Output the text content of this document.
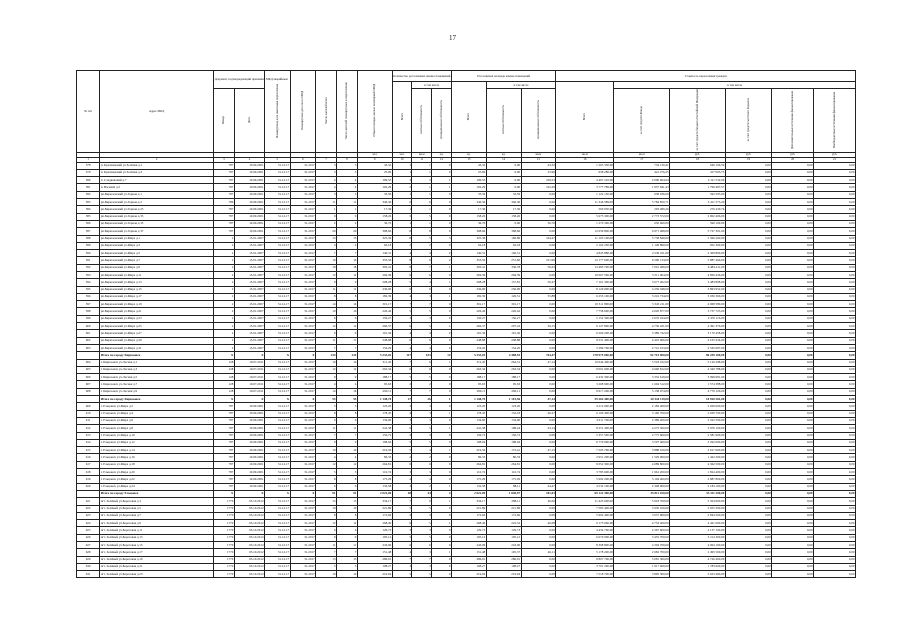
17
№ п/п	Адрес МКД	Документ, подтверждающий признание МКД аварийным		Планируемая дата окончания переселения	Планируемая дата сноса МКД	Число жителей всего	Число жителей планируемых к переселению	Общая площадь жилых помещений МКД	Количество расселяемых жилых помещений			Расселяемая площадь жилых помещений			Стоимость переселения граждан					
									Всего	в том числе		Всего	в том числе		Всего	в том числе				
		Номер	Дата							частная собственность	муниципальная собственность		частная собственность	муниципальная собственность		за счет средств Фонда	за счет средств бюджета Российской Федерации	за счет средств местного бюджета	Дополнительные источники финансирования	Внебюджетные источники финансирования
								чел.	чел.	кв.м	ед.	ед.	ед.	кв.м	кв.м	кв.м	руб.	руб.	руб.	руб.
1	2	3	4	5	6	7	8	9	10	11	12	13	14	15	16	17	18	19	20	21
578	п. Краснинский ул.Зелёная д.1	787	10.09.2001	31.12.17	31.2017	3	3	43,32	1	1	0	43,32	0,00	43,32	1 563 350,00	734 130,41	649 196,59	0,00	0,00	0,00
579	п. Краснинский ул.Зелёная д.3	787	10.09.2001	31.12.17	31.2017	3	3	25,96	1	1	0	25,96	0,00	25,96	958 280,00	441 276,25	417 003,75	0,00	0,00	0,00
580	п. Сладковский д.7	787	10.09.2001	31.12.17	31.2017	4	4	109,53	3	2	1	109,53	0,00	109,53	4 407 210,00	2 000 664,94	2 111 532,06	0,00	0,00	0,00
581	п. Василёв д.2	787	10.09.2001	31.12.17	31.2017	4	4	102,29	2	1	1	102,29	0,00	102,29	3 777 789,00	1 957 941,43	1 799 487,57	0,00	0,00	0,00
582	рп.Бирюзовский ул.Горная д.1	787	10.09.2001	31.12.17	31.2017	3	3	33,59	1	1	0	33,59	33,59	0,00	1 122 150,00	658 036,00	562 593,00	0,00	0,00	0,00
583	рп.Бирюзовский ул.Горная д.2	786	10.09.2001	31.12.17	31.2017	11	11	346,36	6	6	0	346,36	346,36	0,00	11 346 589,00	5 784 850,71	5 411 573,29	0,00	0,00	0,00
584	рп.Бирюзовский ул.Горная д.23	787	10.09.2001	31.12.17	31.2017	1	1	17,36	1	1	0	17,36	17,36	0,00	560 030,00	293 489,26	276 430,74	0,00	0,00	0,00
585	рп.Бирюзовский ул.Горная д.33	787	10.09.2001	31.12.17	31.2017	9	9	158,26	5	5	0	158,26	158,26	0,00	5 675 300,00	2 773 572,00	2 902 406,00	0,00	0,00	0,00
586	рп.Бирюзовский ул.Горная д.35	787	10.09.2001	31.12.17	31.2017	2	2	36,76	1	1	0	36,76	0,00	36,76	1 270 300,00	650 660,00	599 109,90	0,00	0,00	0,00
587	рп.Бирюзовский ул.Горная д.37	787	10.09.2001	31.12.17	31.2017	29	29	398,66	8	8	0	398,66	398,66	0,00	12 659 800,00	6 971 498,00	5 727 301,00	0,00	0,00	0,00
588	рп.Бирюзовский ул.Мира д.1	2	15.01.2007	31.12.17	31.2017	15	15	325,36	8	5	3	325,36	160,89	164,47	11 105 100,00	5 738 840,00	5 366 260,00	0,00	0,00	0,00
589	рп.Бирюзовский ул.Мира д.3	2	15.01.2007	31.12.17	31.2017	4	4	62,18	2	2	0	62,18	62,18	0,00	2 102 250,00	1 149 890,00	952 360,00	0,00	0,00	0,00
590	рп.Бирюзовский ул.Мира д.5	2	15.01.2007	31.12.17	31.2017	7	7	140,31	4	4	0	140,31	140,31	0,00	4 845 880,00	2 536 011,00	2 309 869,00	0,00	0,00	0,00
591	рп.Бирюзовский ул.Мира д.7	2	15.01.2007	31.12.17	31.2017	16	16	353,56	8	6	2	353,56	251,60	101,96	12 177 600,00	6 290 134,00	5 887 466,00	0,00	0,00	0,00
592	рп.Бирюзовский ул.Мира д.9	2	15.01.2007	31.12.17	31.2017	18	18	393,41	8	7	1	393,41	336,78	56,63	13 485 700,00	7 001 289,00	6 484 411,00	0,00	0,00	0,00
593	рп.Бирюзовский ул.Мира д.11	2	15.01.2007	31.12.17	31.2017	12	12	294,39	6	6	0	294,39	294,39	0,00	10 067 500,00	5 211 064,00	4 856 436,00	0,00	0,00	0,00
594	рп.Бирюзовский ул.Мира д.13	2	15.01.2007	31.12.17	31.2017	9	9	208,28	5	4	1	208,28	157,81	50,47	7 161 300,00	3 677 402,00	3 483 898,00	0,00	0,00	0,00
595	рп.Бирюзовский ул.Мира д.15	2	15.01.2007	31.12.17	31.2017	11	11	236,90	6	6	0	236,90	236,90	0,00	8 120 000,00	4 256 048,00	3 863 952,00	0,00	0,00	0,00
596	рп.Бирюзовский ул.Мира д.17	2	15.01.2007	31.12.17	31.2017	8	8	182,39	4	3	1	182,39	126,51	55,88	6 253 100,00	3 216 734,00	3 036 366,00	0,00	0,00	0,00
597	рп.Бирюзовский ул.Мира д.19	2	15.01.2007	31.12.17	31.2017	14	14	301,17	7	7	0	301,17	301,17	0,00	10 311 800,00	5 343 211,00	4 968 589,00	0,00	0,00	0,00
598	рп.Бирюзовский ул.Мира д.21	2	15.01.2007	31.12.17	31.2017	10	10	226,42	5	5	0	226,42	226,42	0,00	7 758 600,00	4 020 877,00	3 737 723,00	0,00	0,00	0,00
599	рп.Бирюзовский ул.Мира д.23	2	15.01.2007	31.12.17	31.2017	6	6	150,27	3	3	0	150,27	150,27	0,00	5 152 300,00	2 676 184,00	2 476 116,00	0,00	0,00	0,00
600	рп.Бирюзовский ул.Мира д.25	2	15.01.2007	31.12.17	31.2017	12	12	266,37	6	5	1	266,37	207,22	59,15	9 127 800,00	4 736 421,00	4 391 379,00	0,00	0,00	0,00
601	рп.Бирюзовский ул.Мира д.27	2	15.01.2007	31.12.17	31.2017	9	9	191,36	4	4	0	191,36	191,36	0,00	6 560 200,00	3 389 742,00	3 170 458,00	0,00	0,00	0,00
602	рп.Бирюзовский ул.Мира д.29	2	15.01.2007	31.12.17	31.2017	11	11	248,88	6	6	0	248,88	248,88	0,00	8 531 400,00	4 425 966,00	4 105 434,00	0,00	0,00	0,00
603	рп.Бирюзовский ул.Мира д.31	2	15.01.2007	31.12.17	31.2017	7	7	154,20	4	4	0	154,20	154,20	0,00	5 286 700,00	2 741 013,00	2 545 687,00	0,00	0,00	0,00
	Итого по городу Бирюзовск	X	X	X	X	234	234	5 233,02	117	103	14	5 233,02	4 488,55	744,47	178 975 000,00	92 715 900,00	86 259 100,00	0,00	0,00	0,00
604	г. Бирюзовск ул.Лесная д.1	128	19.07.2011	31.12.17	31.2017	16	16	311,45	7	6	1	311,45	264,31	47,14	10 644 400,00	5 518 102,00	5 126 298,00	0,00	0,00	0,00
605	г. Бирюзовск ул.Лесная д.3	128	19.07.2011	31.12.17	31.2017	12	12	263,34	6	6	0	263,34	263,34	0,00	9 001 600,00	4 660 812,00	4 340 788,00	0,00	0,00	0,00
606	г. Бирюзовск ул.Лесная д.5	128	19.07.2011	31.12.17	31.2017	9	9	188,17	5	5	0	188,17	188,17	0,00	6 432 300,00	3 332 619,00	3 099 681,00	0,00	0,00	0,00
607	г. Бирюзовск ул.Лесная д.7	128	19.07.2011	31.12.17	31.2017	4	4	95,63	2	2	0	95,63	95,63	0,00	3 268 900,00	1 694 512,00	1 574 388,00	0,00	0,00	0,00
608	г. Бирюзовск ул.Лесная д.9	128	19.07.2011	31.12.17	31.2017	14	14	290,11	7	7	0	290,11	290,11	0,00	9 917 200,00	5 138 074,00	4 779 126,00	0,00	0,00	0,00
	Итого по городу Бирюзовск	X	X	X	X	55	55	1 148,70	27	26	1	1 148,70	1 101,56	47,14	39 264 400,00	20 344 119,00	18 920 281,00	0,00	0,00	0,00
609	г. Ельцовск ул.Мира д.2	787	10.09.2001	31.12.17	31.2017	5	5	123,20	3	3	0	123,20	123,20	0,00	4 212 000,00	2 182 400,00	2 029 600,00	0,00	0,00	0,00
610	г. Ельцовск ул.Мира д.4	787	10.09.2001	31.12.17	31.2017	8	8	178,45	4	3	1	178,45	132,18	46,27	6 100 400,00	3 160 700,00	2 939 700,00	0,00	0,00	0,00
611	г. Ельцовск ул.Мира д.6	787	10.09.2001	31.12.17	31.2017	6	6	134,90	3	3	0	134,90	134,90	0,00	4 611 700,00	2 389 200,00	2 222 500,00	0,00	0,00	0,00
612	г. Ельцовск ул.Мира д.8	787	10.09.2001	31.12.17	31.2017	11	11	241,38	6	5	1	241,38	198,24	43,14	8 251 400,00	4 275 300,00	3 976 100,00	0,00	0,00	0,00
613	г. Ельцовск ул.Мира д.10	787	10.09.2001	31.12.17	31.2017	7	7	156,72	4	4	0	156,72	156,72	0,00	5 357 500,00	2 775 600,00	2 581 900,00	0,00	0,00	0,00
614	г. Ельцовск ул.Мира д.12	787	10.09.2001	31.12.17	31.2017	9	9	198,04	5	5	0	198,04	198,04	0,00	6 770 000,00	3 507 400,00	3 262 600,00	0,00	0,00	0,00
615	г. Ельцовск ул.Мира д.14	787	10.09.2001	31.12.17	31.2017	10	10	219,56	5	4	1	219,56	172,41	47,15	7 505 700,00	3 888 100,00	3 617 600,00	0,00	0,00	0,00
616	г. Ельцовск ул.Мира д.16	787	10.09.2001	31.12.17	31.2017	4	4	86,33	2	2	0	86,33	86,33	0,00	2 951 200,00	1 529 000,00	1 422 200,00	0,00	0,00	0,00
617	г. Ельцовск ул.Мира д.18	787	10.09.2001	31.12.17	31.2017	12	12	264,81	6	6	0	264,81	264,81	0,00	9 052 300,00	4 689 800,00	4 362 500,00	0,00	0,00	0,00
618	г. Ельцовск ул.Мира д.20	787	10.09.2001	31.12.17	31.2017	5	5	110,74	3	3	0	110,74	110,74	0,00	3 785 600,00	1 961 200,00	1 824 400,00	0,00	0,00	0,00
619	г. Ельцовск ул.Мира д.22	787	10.09.2001	31.12.17	31.2017	8	8	175,29	4	4	0	175,29	175,29	0,00	5 992 200,00	3 104 400,00	2 887 800,00	0,00	0,00	0,00
620	г. Ельцовск ул.Мира д.24	787	10.09.2001	31.12.17	31.2017	6	6	132,58	3	2	1	132,58	88,11	44,47	4 532 100,00	2 348 000,00	2 184 100,00	0,00	0,00	0,00
	Итого по городу Ельцовск	X	X	X	X	91	91	2 022,00	48	44	4	2 022,00	1 840,97	181,03	69 122 300,00	35 811 100,00	33 311 200,00	0,00	0,00	0,00
621	пгт. Зелёный ул.Береговая д.3	1770	03.10.2012	31.12.17	31.2017	15	15	334,17	7	6	1	334,17	288,11	46,06	11 423 600,00	5 918 700,00	5 504 900,00	0,00	0,00	0,00
622	пгт. Зелёный ул.Береговая д.5	1770	03.10.2012	31.12.17	31.2017	10	10	221,89	5	5	0	221,89	221,89	0,00	7 585 400,00	3 930 100,00	3 655 300,00	0,00	0,00	0,00
623	пгт. Зелёный ул.Береговая д.7	1770	03.10.2012	31.12.17	31.2017	8	8	172,66	4	4	0	172,66	172,66	0,00	5 902 400,00	3 057 900,00	2 844 500,00	0,00	0,00	0,00
624	пгт. Зелёный ул.Береговая д.9	1770	03.10.2012	31.12.17	31.2017	12	12	268,40	6	5	1	268,40	222,32	46,08	9 175 000,00	4 753 400,00	4 421 600,00	0,00	0,00	0,00
625	пгт. Зелёный ул.Береговая д.11	1770	03.10.2012	31.12.17	31.2017	6	6	129,73	3	3	0	129,73	129,73	0,00	4 434 700,00	2 297 600,00	2 137 100,00	0,00	0,00	0,00
626	пгт. Зелёный ул.Береговая д.13	1770	03.10.2012	31.12.17	31.2017	9	9	195,12	5	5	0	195,12	195,12	0,00	6 670 000,00	3 455 700,00	3 214 300,00	0,00	0,00	0,00
627	пгт. Зелёный ул.Береговая д.15	1770	03.10.2012	31.12.17	31.2017	11	11	243,06	6	6	0	243,06	243,06	0,00	8 308 800,00	4 304 700,00	4 004 100,00	0,00	0,00	0,00
628	пгт. Зелёный ул.Береговая д.17	1770	03.10.2012	31.12.17	31.2017	7	7	151,48	4	3	1	151,48	105,37	46,11	5 178 200,00	2 682 700,00	2 495 500,00	0,00	0,00	0,00
629	пгт. Зелёный ул.Береговая д.19	1770	03.10.2012	31.12.17	31.2017	13	13	286,91	7	7	0	286,91	286,91	0,00	9 807 700,00	5 081 300,00	4 726 400,00	0,00	0,00	0,00
630	пгт. Зелёный ул.Береговая д.21	1770	03.10.2012	31.12.17	31.2017	5	5	108,27	3	3	0	108,27	108,27	0,00	3 701 200,00	1 917 600,00	1 783 600,00	0,00	0,00	0,00
631	пгт. Зелёный ул.Береговая д.23	1770	03.10.2012	31.12.17	31.2017	10	10	219,94	5	5	0	219,94	219,94	0,00	7 518 700,00	3 895 300,00	3 623 400,00	0,00	0,00	0,00
